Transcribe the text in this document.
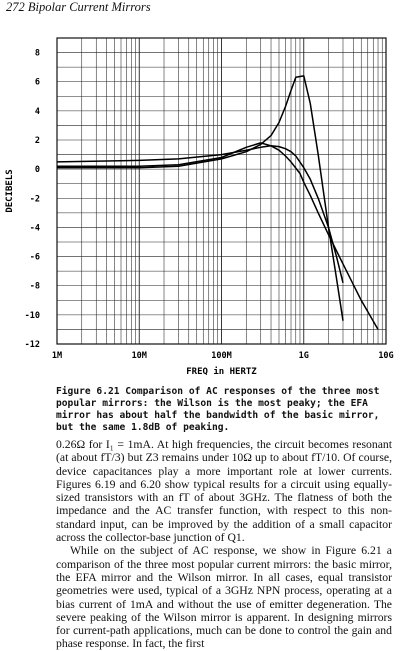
272 Bipolar Current Mirrors
8
6
4
2
0
-2
-4
-6
-8
-10
-12
1M	10M	100M	1G	10G
DECIBELS
FREQ in HERTZ
Figure 6.21 Comparison of AC responses of the three most popular mirrors: the Wilson is the most peaky; the EFA mirror has about half the bandwidth of the basic mirror, but the same 1.8dB of peaking.

0.26Ω for I₁ = 1mA. At high frequencies, the circuit becomes resonant (at about fT/3) but Z3 remains under 10Ω up to about fT/10. Of course, device capacitances play a more important role at lower currents. Figures 6.19 and 6.20 show typical results for a circuit using equally-sized transistors with an fT of about 3GHz. The flatness of both the impedance and the AC transfer function, with respect to this non-standard input, can be improved by the addition of a small capacitor across the collector-base junction of Q1.

While on the subject of AC response, we show in Figure 6.21 a comparison of the three most popular current mirrors: the basic mirror, the EFA mirror and the Wilson mirror. In all cases, equal transistor geometries were used, typical of a 3GHz NPN process, operating at a bias current of 1mA and without the use of emitter degeneration. The severe peaking of the Wilson mirror is apparent. In designing mirrors for current-path applications, much can be done to control the gain and phase response. In fact, the first
